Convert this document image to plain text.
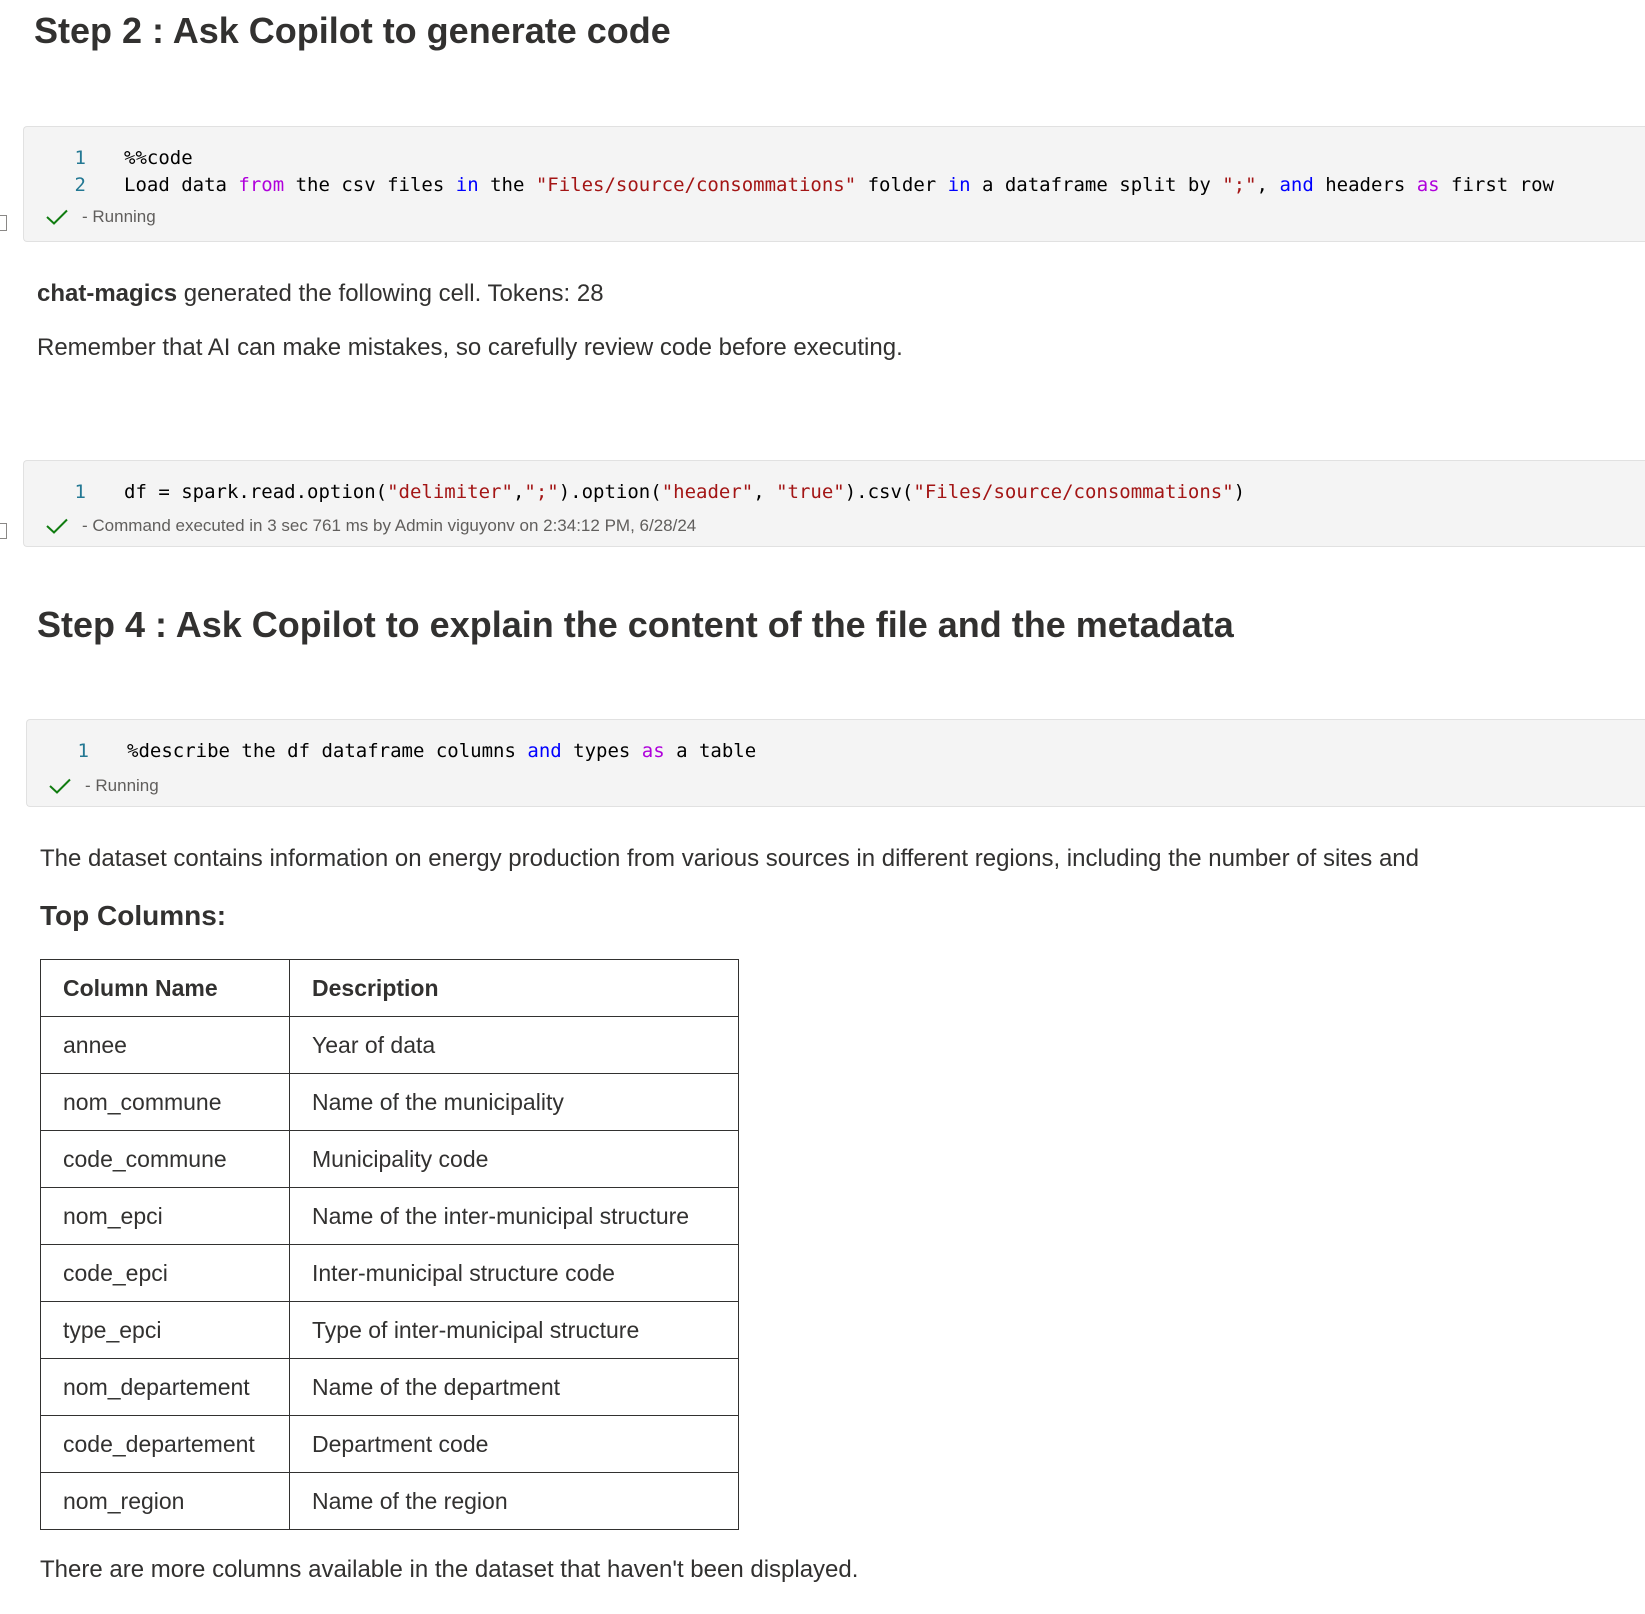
Step 2 : Ask Copilot to generate code
1 %%code
2 Load data from the csv files in the "Files/source/consommations" folder in a dataframe split by ";", and headers as first row
- Running

chat-magics generated the following cell. Tokens: 28

Remember that AI can make mistakes, so carefully review code before executing.

1 df = spark.read.option("delimiter",";").option("header", "true").csv("Files/source/consommations")
- Command executed in 3 sec 761 ms by Admin viguyonv on 2:34:12 PM, 6/28/24
Step 4 : Ask Copilot to explain the content of the file and the metadata
1 %describe the df dataframe columns and types as a table
- Running

The dataset contains information on energy production from various sources in different regions, including the number of sites and

Top Columns:
Column Name	Description
annee	Year of data
nom_commune	Name of the municipality
code_commune	Municipality code
nom_epci	Name of the inter-municipal structure
code_epci	Inter-municipal structure code
type_epci	Type of inter-municipal structure
nom_departement	Name of the department
code_departement	Department code
nom_region	Name of the region

There are more columns available in the dataset that haven't been displayed.
